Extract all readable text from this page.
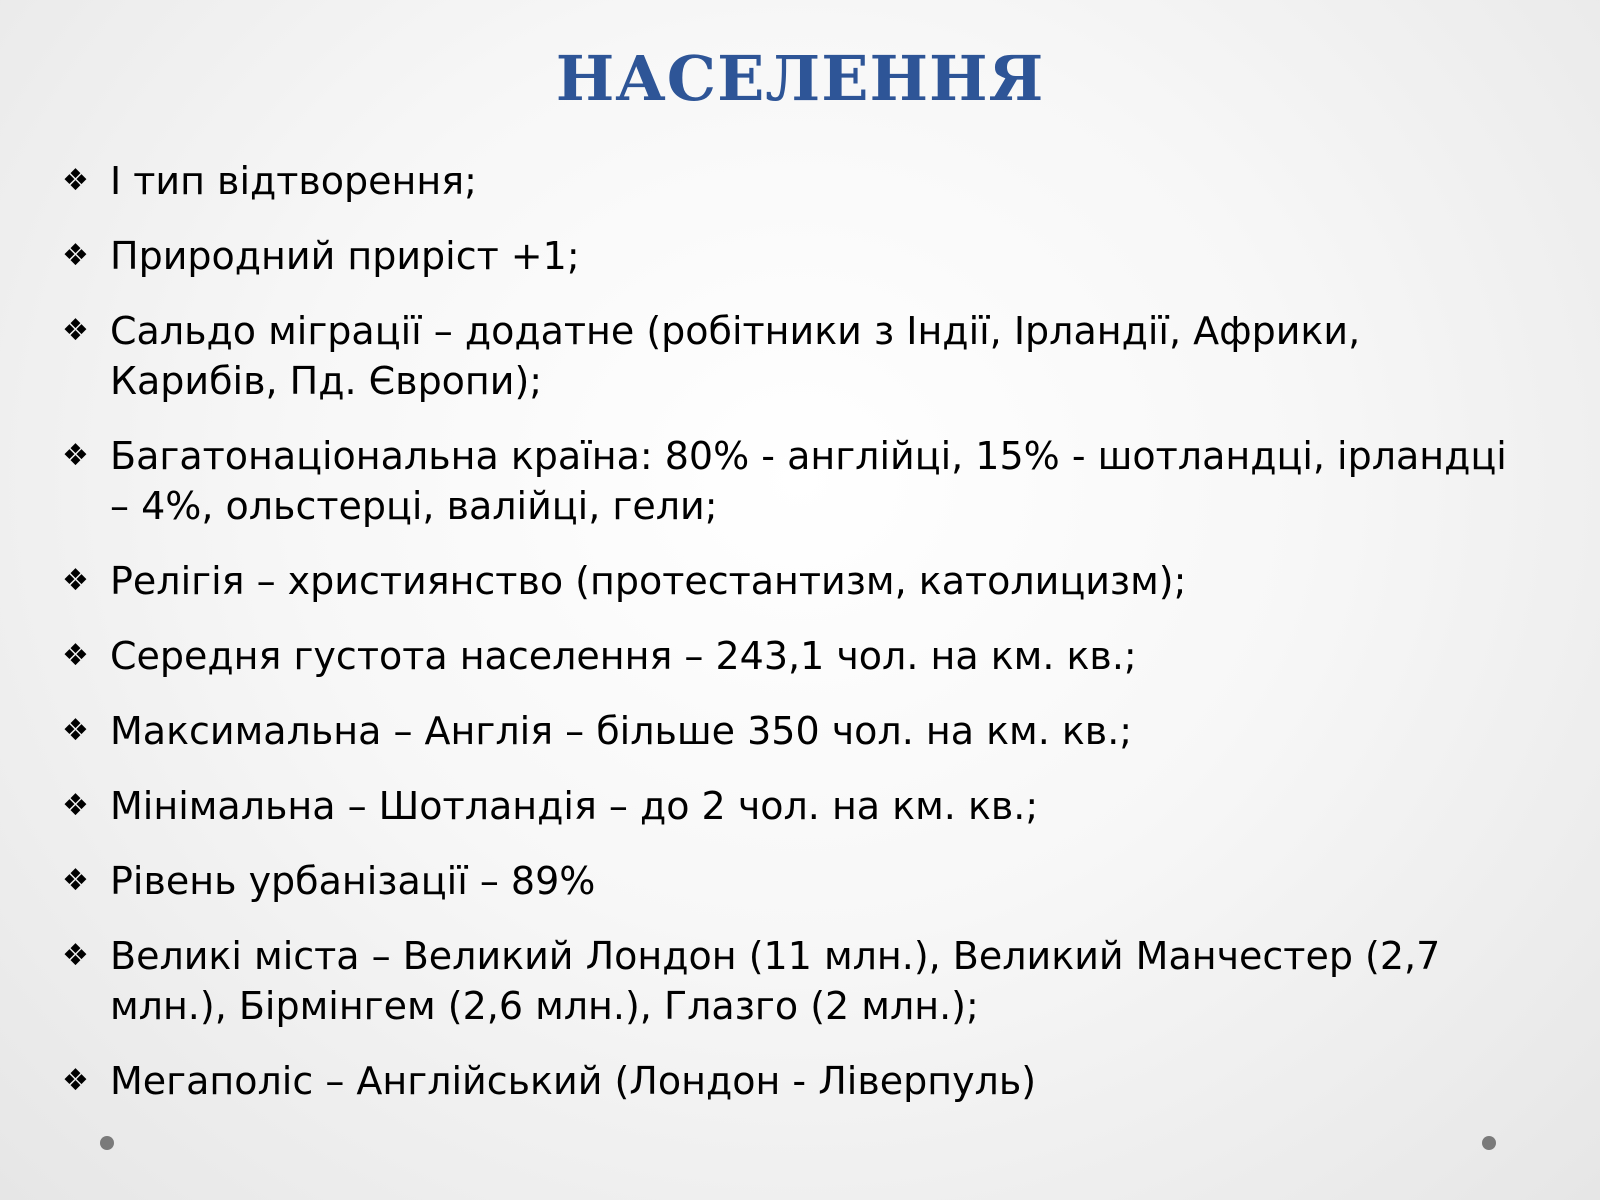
НАСЕЛЕННЯ
❖ І тип відтворення;
❖ Природний приріст +1;
❖ Сальдо міграції – додатне (робітники з Індії, Ірландії, Африки, Карибів, Пд. Європи);
❖ Багатонаціональна країна: 80% - англійці, 15% - шотландці, ірландці – 4%, ольстерці, валійці, гели;
❖ Релігія – християнство (протестантизм, католицизм);
❖ Середня густота населення – 243,1 чол. на км. кв.;
❖ Максимальна – Англія – більше 350 чол. на км. кв.;
❖ Мінімальна – Шотландія – до 2 чол. на км. кв.;
❖ Рівень урбанізації – 89%
❖ Великі міста – Великий Лондон (11 млн.), Великий Манчестер (2,7 млн.), Бірмінгем (2,6 млн.), Глазго (2 млн.);
❖ Мегаполіс – Англійський (Лондон - Ліверпуль)
